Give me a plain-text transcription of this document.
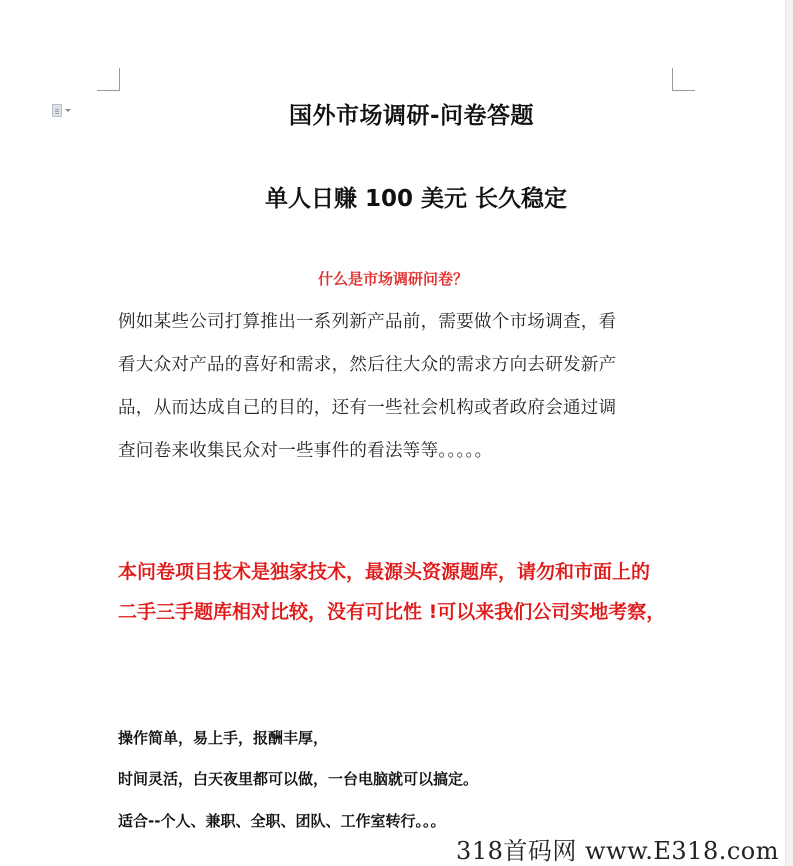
国外市场调研-问卷答题
单人日赚 100 美元 长久稳定
什么是市场调研问卷？
例如某些公司打算推出一系列新产品前，需要做个市场调查，看
看大众对产品的喜好和需求，然后往大众的需求方向去研发新产
品，从而达成自己的目的，还有一些社会机构或者政府会通过调
查问卷来收集民众对一些事件的看法等等。。。。。
本问卷项目技术是独家技术，最源头资源题库，请勿和市面上的
二手三手题库相对比较，没有可比性 !可以来我们公司实地考察，
操作简单，易上手，报酬丰厚，
时间灵活，白天夜里都可以做，一台电脑就可以搞定。
适合--个人、兼职、全职、团队、工作室转行。。。
318首码网 www.E318.com
